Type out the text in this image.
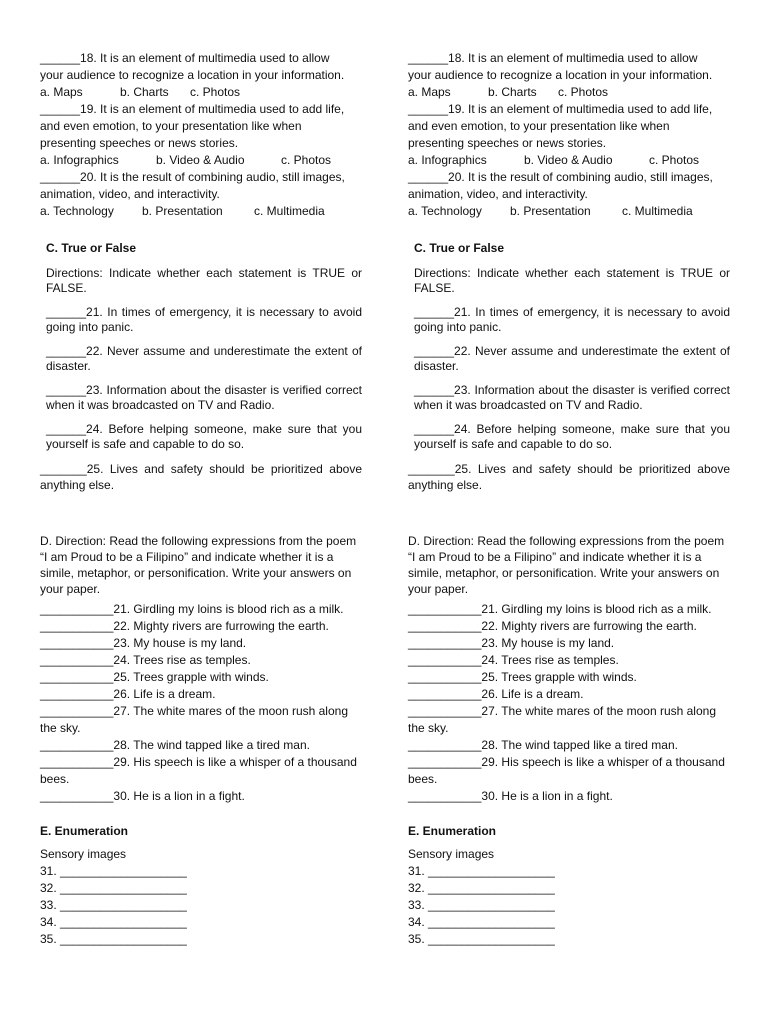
______18. It is an element of multimedia used to allow
your audience to recognize a location in your information.
a. Maps	b. Charts	c. Photos
______19. It is an element of multimedia used to add life,
and even emotion, to your presentation like when
presenting speeches or news stories.
a. Infographics	b. Video & Audio	c. Photos
______20. It is the result of combining audio, still images,
animation, video, and interactivity.
a. Technology	b. Presentation	c. Multimedia
C. True or False
Directions: Indicate whether each statement is TRUE or FALSE.
______21. In times of emergency, it is necessary to avoid going into panic.
______22. Never assume and underestimate the extent of disaster.
______23. Information about the disaster is verified correct when it was broadcasted on TV and Radio.
______24. Before helping someone, make sure that you yourself is safe and capable to do so.
_______25. Lives and safety should be prioritized above anything else.
D. Direction: Read the following expressions from the poem “I am Proud to be a Filipino” and indicate whether it is a simile, metaphor, or personification. Write your answers on your paper.
___________21. Girdling my loins is blood rich as a milk.
___________22. Mighty rivers are furrowing the earth.
___________23. My house is my land.
___________24. Trees rise as temples.
___________25. Trees grapple with winds.
___________26. Life is a dream.
___________27. The white mares of the moon rush along the sky.
___________28. The wind tapped like a tired man.
___________29. His speech is like a whisper of a thousand bees.
___________30. He is a lion in a fight.
E. Enumeration
Sensory images
31. ___________________
32. ___________________
33. ___________________
34. ___________________
35. ___________________
______18. It is an element of multimedia used to allow
your audience to recognize a location in your information.
a. Maps	b. Charts	c. Photos
______19. It is an element of multimedia used to add life,
and even emotion, to your presentation like when
presenting speeches or news stories.
a. Infographics	b. Video & Audio	c. Photos
______20. It is the result of combining audio, still images,
animation, video, and interactivity.
a. Technology	b. Presentation	c. Multimedia
C. True or False
Directions: Indicate whether each statement is TRUE or FALSE.
______21. In times of emergency, it is necessary to avoid going into panic.
______22. Never assume and underestimate the extent of disaster.
______23. Information about the disaster is verified correct when it was broadcasted on TV and Radio.
______24. Before helping someone, make sure that you yourself is safe and capable to do so.
_______25. Lives and safety should be prioritized above anything else.
D. Direction: Read the following expressions from the poem “I am Proud to be a Filipino” and indicate whether it is a simile, metaphor, or personification. Write your answers on your paper.
___________21. Girdling my loins is blood rich as a milk.
___________22. Mighty rivers are furrowing the earth.
___________23. My house is my land.
___________24. Trees rise as temples.
___________25. Trees grapple with winds.
___________26. Life is a dream.
___________27. The white mares of the moon rush along the sky.
___________28. The wind tapped like a tired man.
___________29. His speech is like a whisper of a thousand bees.
___________30. He is a lion in a fight.
E. Enumeration
Sensory images
31. ___________________
32. ___________________
33. ___________________
34. ___________________
35. ___________________
